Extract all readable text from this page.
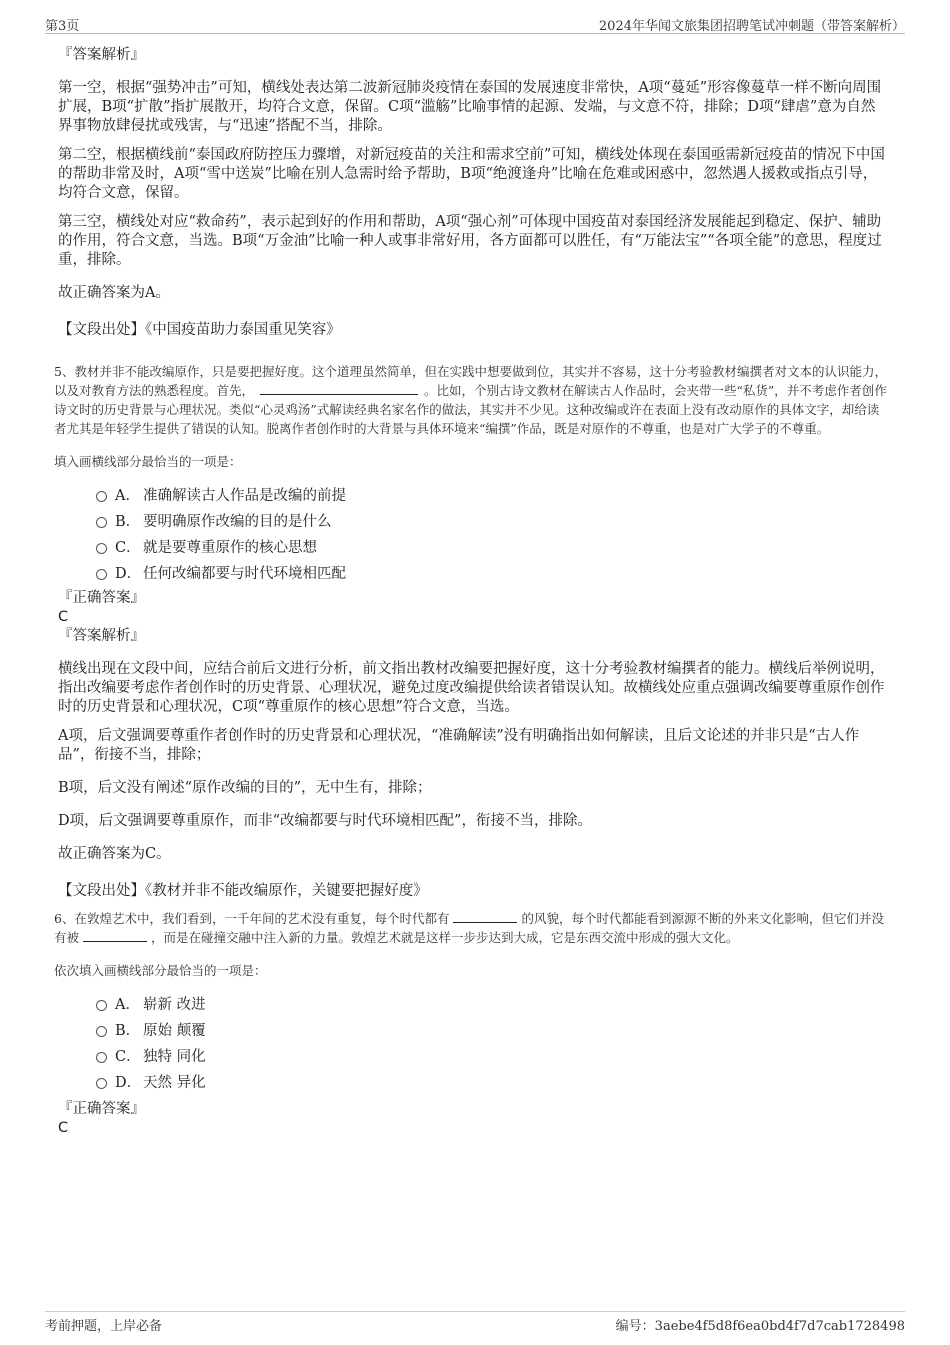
第3页	2024年华闻文旅集团招聘笔试冲刺题（带答案解析）

『答案解析』

第一空，根据“强势冲击”可知，横线处表达第二波新冠肺炎疫情在泰国的发展速度非常快，A项“蔓延”形容像蔓草一样不断向周围扩展，B项“扩散”指扩展散开，均符合文意，保留。C项“滥觞”比喻事情的起源、发端，与文意不符，排除；D项“肆虐”意为自然界事物放肆侵扰或残害，与“迅速”搭配不当，排除。

第二空，根据横线前“泰国政府防控压力骤增，对新冠疫苗的关注和需求空前”可知，横线处体现在泰国亟需新冠疫苗的情况下中国的帮助非常及时，A项“雪中送炭”比喻在别人急需时给予帮助，B项“绝渡逢舟”比喻在危难或困惑中，忽然遇人援救或指点引导，均符合文意，保留。

第三空，横线处对应“救命药”，表示起到好的作用和帮助，A项“强心剂”可体现中国疫苗对泰国经济发展能起到稳定、保护、辅助的作用，符合文意，当选。B项“万金油”比喻一种人或事非常好用，各方面都可以胜任，有“万能法宝”“各项全能”的意思，程度过重，排除。

故正确答案为A。

【文段出处】《中国疫苗助力泰国重见笑容》

5、教材并非不能改编原作，只是要把握好度。这个道理虽然简单，但在实践中想要做到位，其实并不容易，这十分考验教材编撰者对文本的认识能力，以及对教育方法的熟悉程度。首先，	。比如，个别古诗文教材在解读古人作品时，会夹带一些“私货”，并不考虑作者创作诗文时的历史背景与心理状况。类似“心灵鸡汤”式解读经典名家名作的做法，其实并不少见。这种改编或许在表面上没有改动原作的具体文字，却给读者尤其是年轻学生提供了错误的认知。脱离作者创作时的大背景与具体环境来“编撰”作品，既是对原作的不尊重，也是对广大学子的不尊重。

填入画横线部分最恰当的一项是：

A． 准确解读古人作品是改编的前提
B． 要明确原作改编的目的是什么
C． 就是要尊重原作的核心思想
D． 任何改编都要与时代环境相匹配

『正确答案』

C

『答案解析』

横线出现在文段中间，应结合前后文进行分析，前文指出教材改编要把握好度，这十分考验教材编撰者的能力。横线后举例说明，指出改编要考虑作者创作时的历史背景、心理状况，避免过度改编提供给读者错误认知。故横线处应重点强调改编要尊重原作创作时的历史背景和心理状况，C项“尊重原作的核心思想”符合文意，当选。

A项，后文强调要尊重作者创作时的历史背景和心理状况，“准确解读”没有明确指出如何解读，且后文论述的并非只是“古人作品”，衔接不当，排除；

B项，后文没有阐述“原作改编的目的”，无中生有，排除；

D项，后文强调要尊重原作，而非“改编都要与时代环境相匹配”，衔接不当，排除。

故正确答案为C。

【文段出处】《教材并非不能改编原作，关键要把握好度》

6、在敦煌艺术中，我们看到，一千年间的艺术没有重复，每个时代都有	的风貌，每个时代都能看到源源不断的外来文化影响，但它们并没有被	，而是在碰撞交融中注入新的力量。敦煌艺术就是这样一步步达到大成，它是东西交流中形成的强大文化。

依次填入画横线部分最恰当的一项是：

A． 崭新 改进
B． 原始 颠覆
C． 独特 同化
D． 天然 异化

『正确答案』

C

考前押题，上岸必备	编号：3aebe4f5d8f6ea0bd4f7d7cab1728498
